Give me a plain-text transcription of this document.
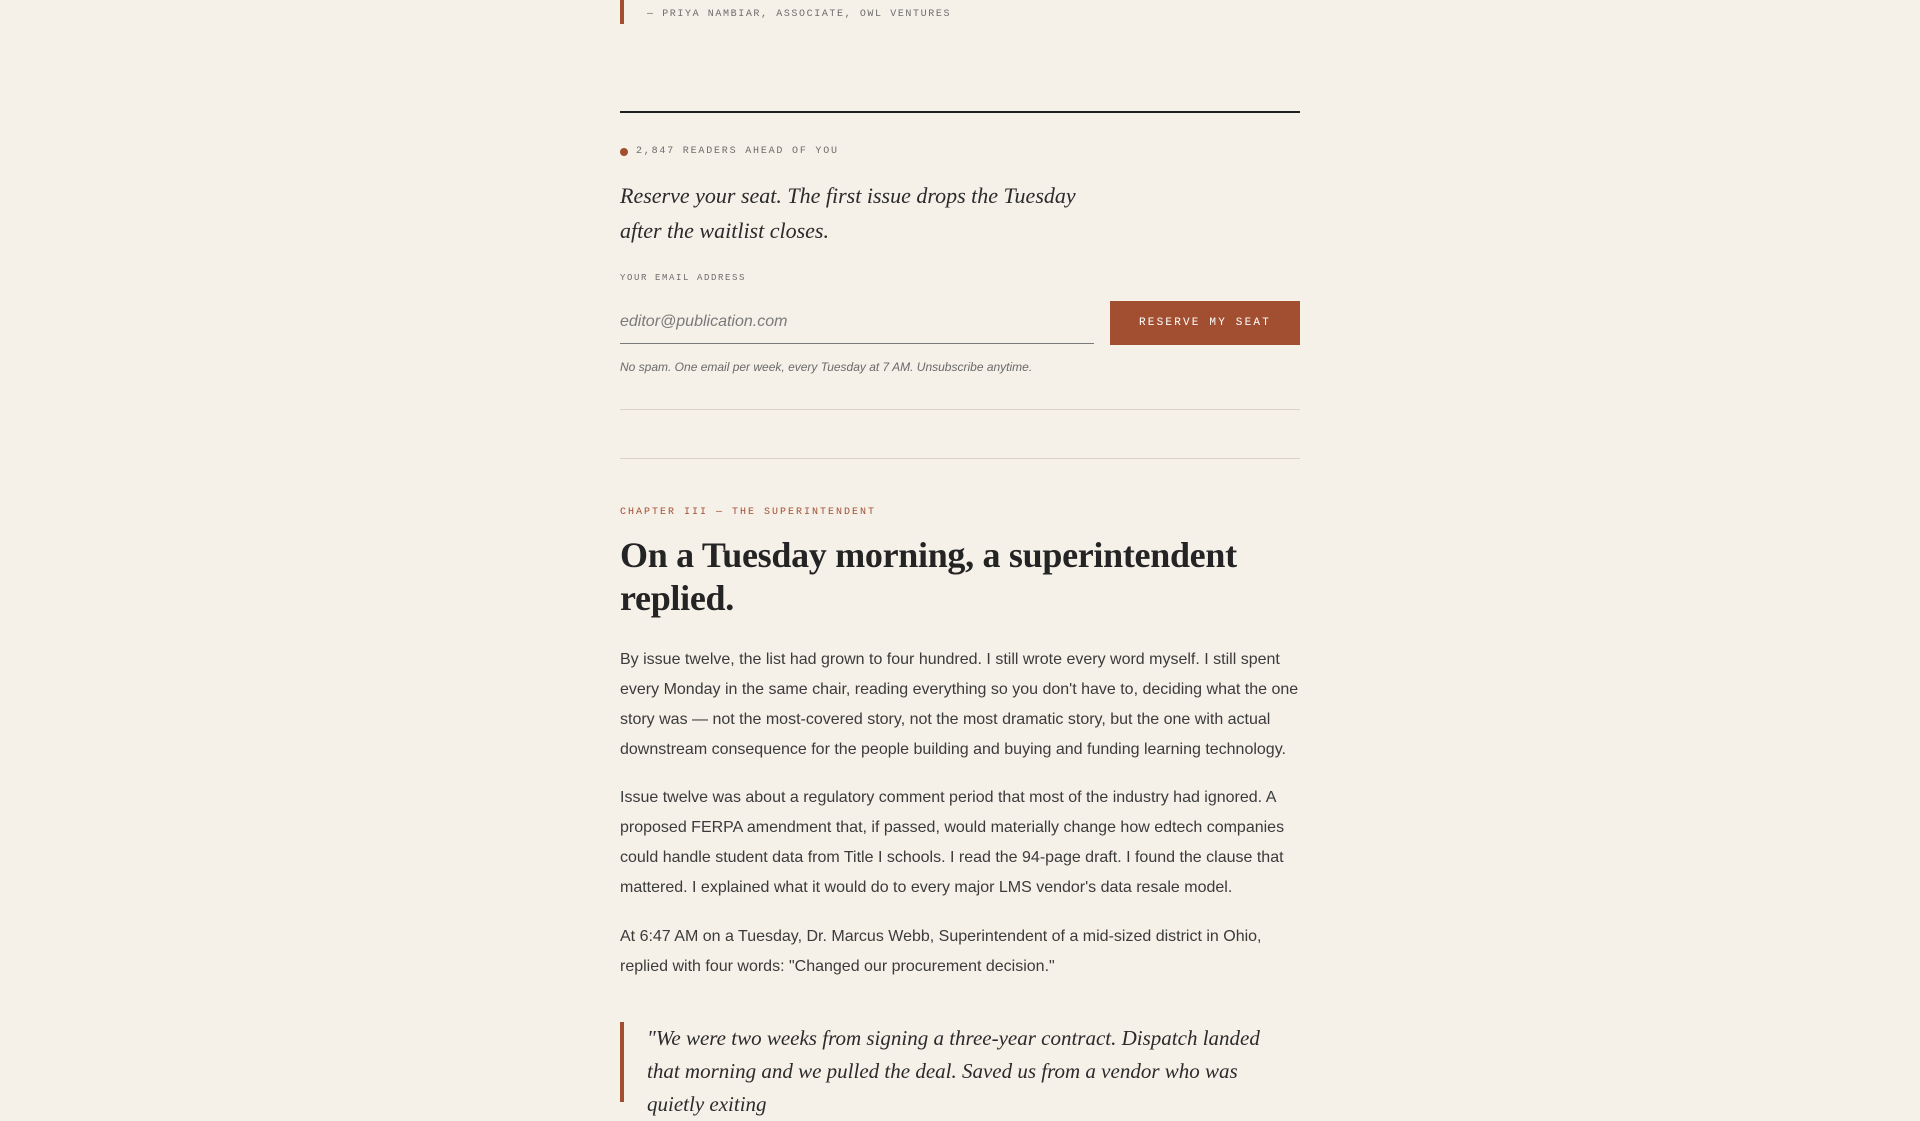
— PRIYA NAMBIAR, ASSOCIATE, OWL VENTURES
2,847 READERS AHEAD OF YOU
Reserve your seat. The first issue drops the Tuesday after the waitlist closes.
YOUR EMAIL ADDRESS
editor@publication.com
RESERVE MY SEAT
No spam. One email per week, every Tuesday at 7 AM. Unsubscribe anytime.
CHAPTER III — THE SUPERINTENDENT
On a Tuesday morning, a superintendent replied.

By issue twelve, the list had grown to four hundred. I still wrote every word myself. I still spent every Monday in the same chair, reading everything so you don't have to, deciding what the one story was — not the most-covered story, not the most dramatic story, but the one with actual downstream consequence for the people building and buying and funding learning technology.

Issue twelve was about a regulatory comment period that most of the industry had ignored. A proposed FERPA amendment that, if passed, would materially change how edtech companies could handle student data from Title I schools. I read the 94-page draft. I found the clause that mattered. I explained what it would do to every major LMS vendor's data resale model.

At 6:47 AM on a Tuesday, Dr. Marcus Webb, Superintendent of a mid-sized district in Ohio, replied with four words: "Changed our procurement decision."

"We were two weeks from signing a three-year contract. Dispatch landed that morning and we pulled the deal. Saved us from a vendor who was quietly exiting
